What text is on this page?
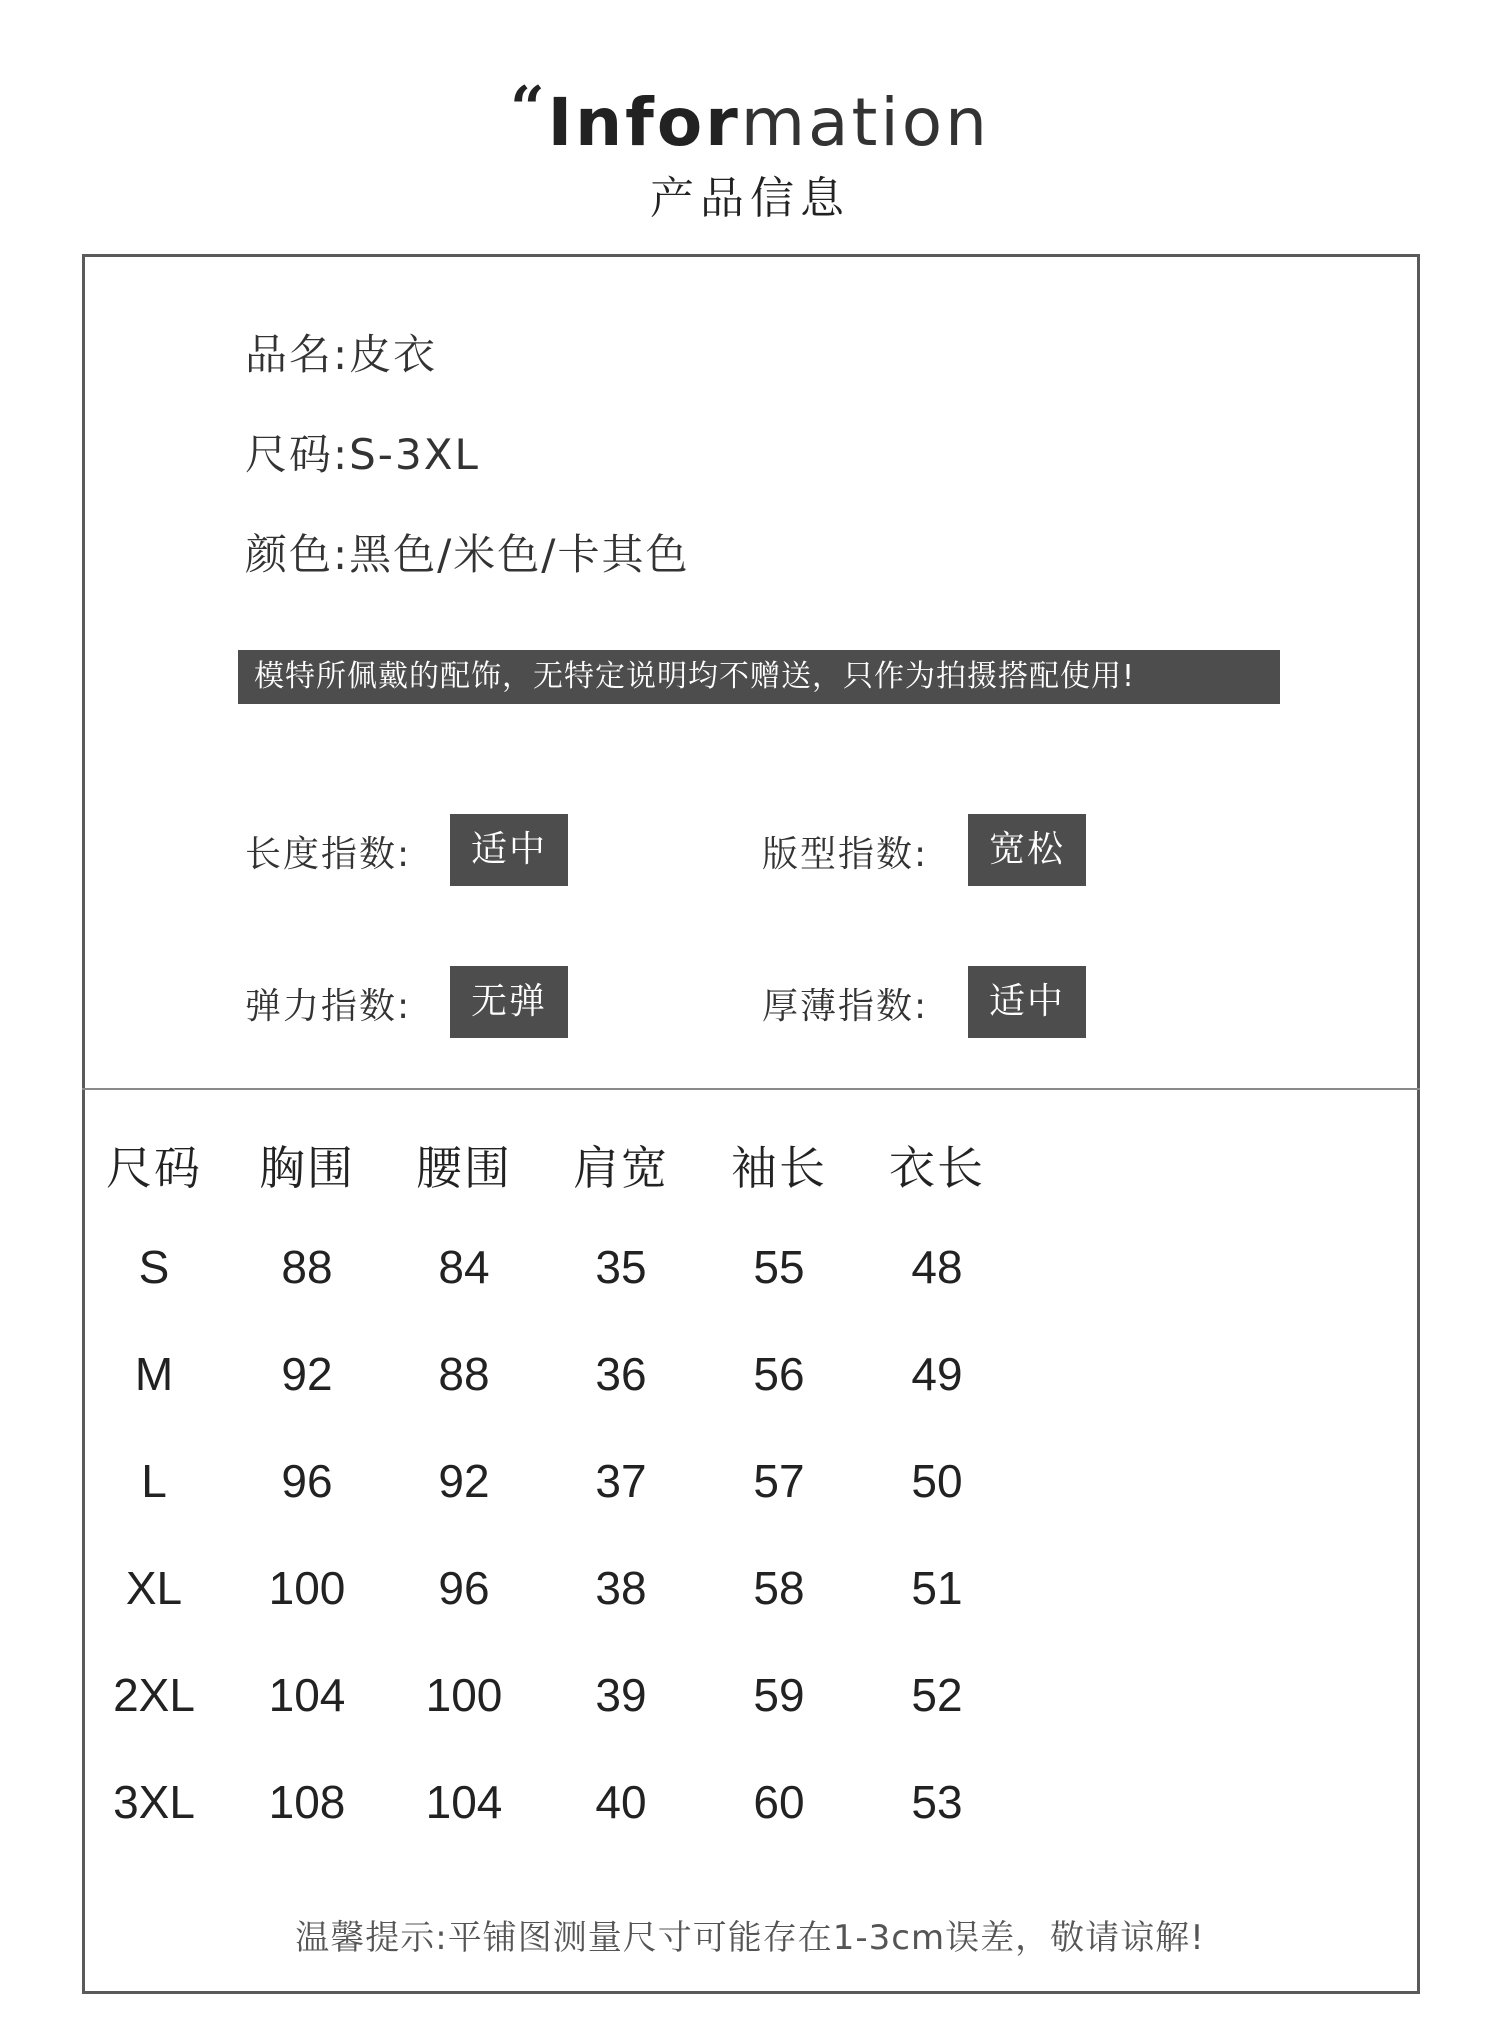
“Information
产品信息
品名:皮衣
尺码:S-3XL
颜色:黑色/米色/卡其色
模特所佩戴的配饰，无特定说明均不赠送，只作为拍摄搭配使用!
长度指数:	适中	版型指数:	宽松
弹力指数:	无弹	厚薄指数:	适中
尺码	胸围	腰围	肩宽	袖长	衣长
S	88	84	35	55	48
M	92	88	36	56	49
L	96	92	37	57	50
XL	100	96	38	58	51
2XL	104	100	39	59	52
3XL	108	104	40	60	53
温馨提示:平铺图测量尺寸可能存在1-3cm误差，敬请谅解!
